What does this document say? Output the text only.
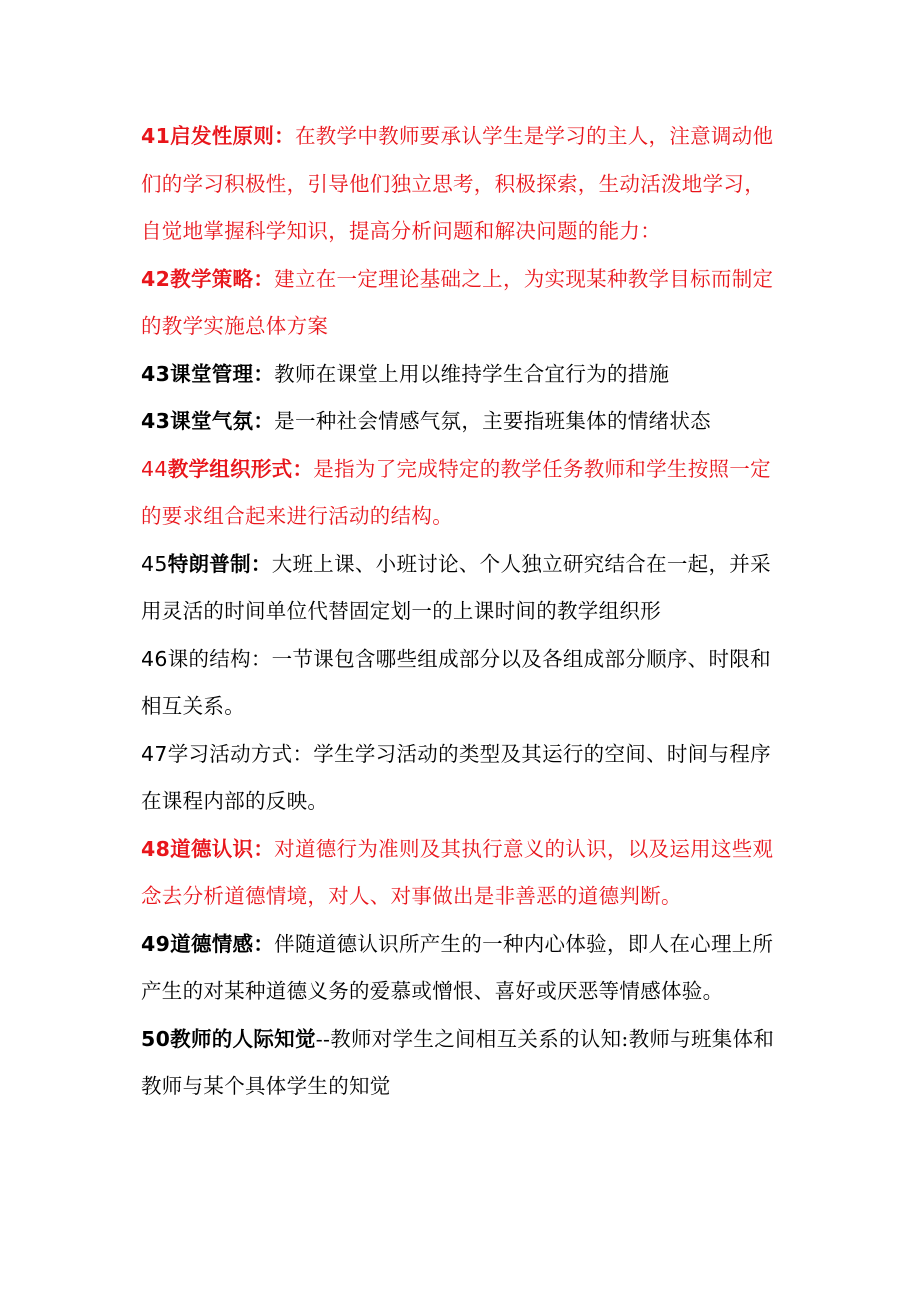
41启发性原则：在教学中教师要承认学生是学习的主人，注意调动他们的学习积极性，引导他们独立思考，积极探索，生动活泼地学习，自觉地掌握科学知识，提高分析问题和解决问题的能力：

42教学策略：建立在一定理论基础之上，为实现某种教学目标而制定的教学实施总体方案

43课堂管理：教师在课堂上用以维持学生合宜行为的措施

43课堂气氛：是一种社会情感气氛，主要指班集体的情绪状态

44教学组织形式：是指为了完成特定的教学任务教师和学生按照一定的要求组合起来进行活动的结构。

45特朗普制：大班上课、小班讨论、个人独立研究结合在一起，并采用灵活的时间单位代替固定划一的上课时间的教学组织形

46课的结构：一节课包含哪些组成部分以及各组成部分顺序、时限和相互关系。

47学习活动方式：学生学习活动的类型及其运行的空间、时间与程序在课程内部的反映。

48道德认识：对道德行为准则及其执行意义的认识，以及运用这些观念去分析道德情境，对人、对事做出是非善恶的道德判断。

49道德情感：伴随道德认识所产生的一种内心体验，即人在心理上所产生的对某种道德义务的爱慕或憎恨、喜好或厌恶等情感体验。

50教师的人际知觉--教师对学生之间相互关系的认知:教师与班集体和教师与某个具体学生的知觉
